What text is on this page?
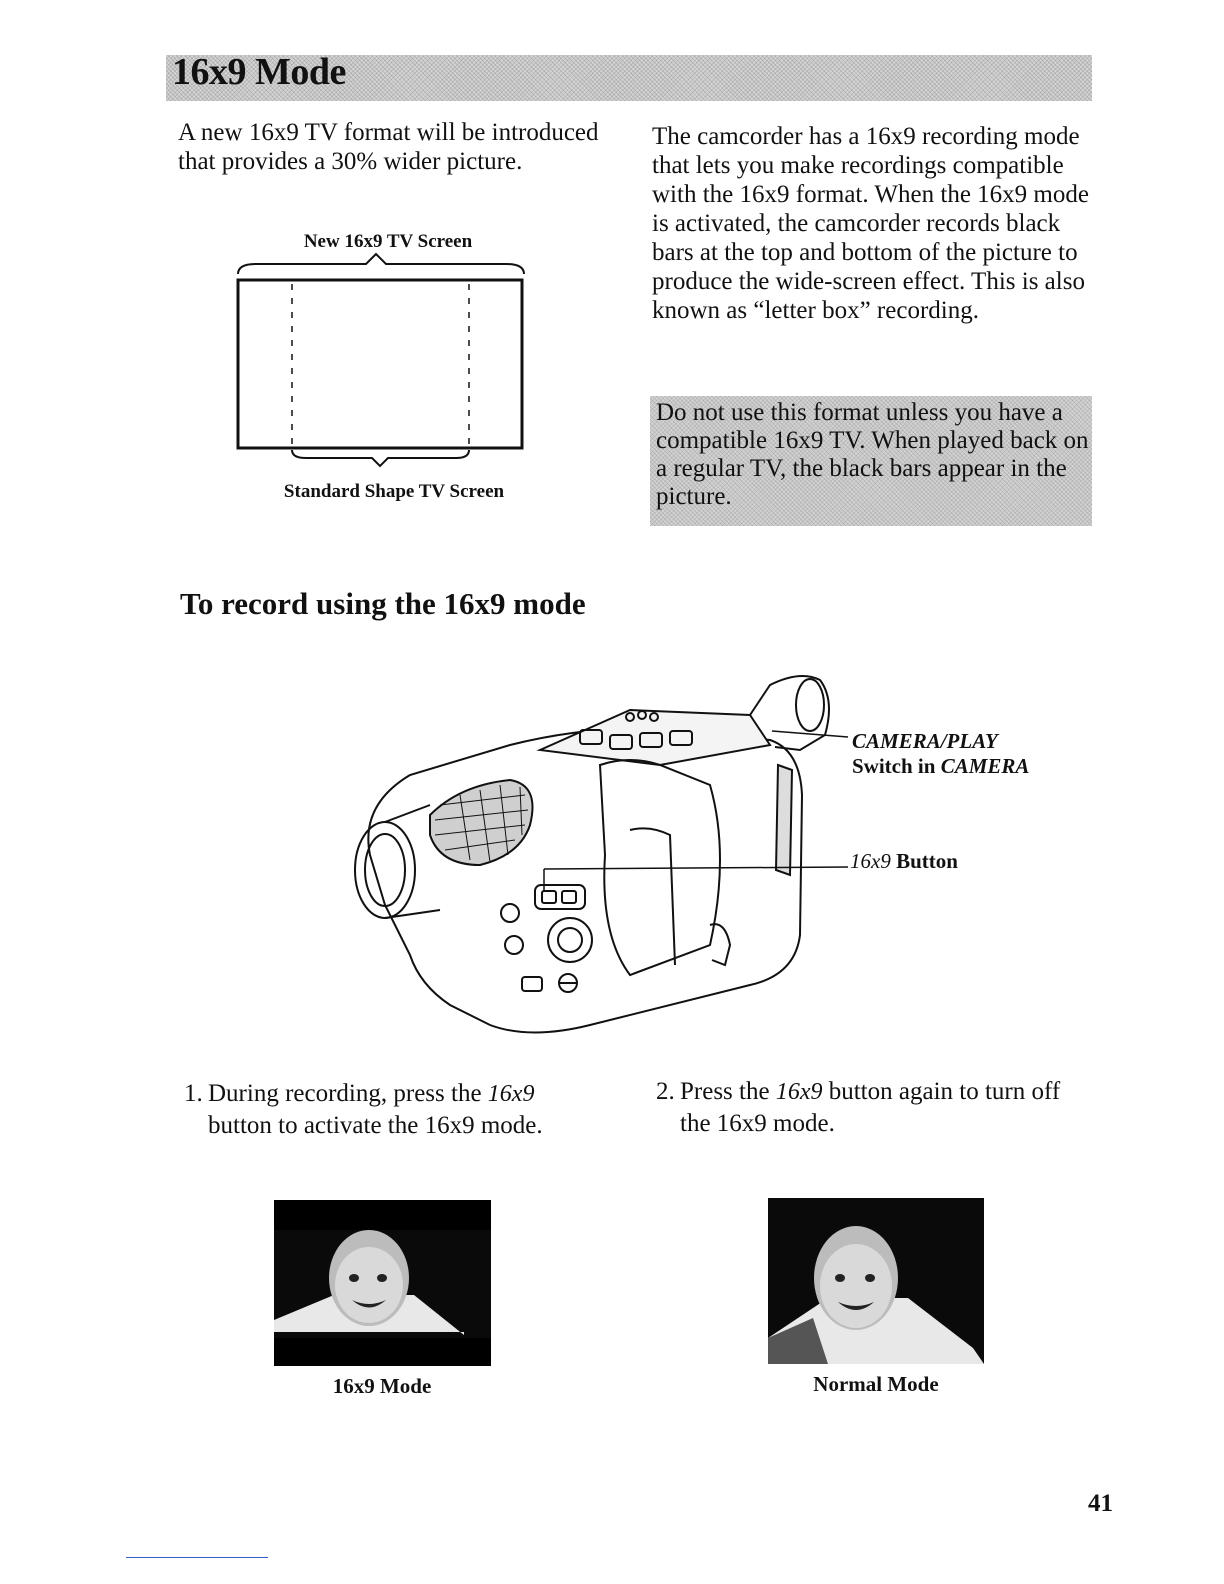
16x9 Mode
A new 16x9 TV format will be introduced that provides a 30% wider picture.
The camcorder has a 16x9 recording mode that lets you make recordings compatible with the 16x9 format. When the 16x9 mode is activated, the camcorder records black bars at the top and bottom of the picture to produce the wide-screen effect. This is also known as “letter box” recording.
New 16x9 TV Screen
Standard Shape TV Screen
Do not use this format unless you have a compatible 16x9 TV. When played back on a regular TV, the black bars appear in the picture.
To record using the 16x9 mode
CAMERA/PLAY
Switch in CAMERA
16x9 Button
1. During recording, press the 16x9
button to activate the 16x9 mode.
2. Press the 16x9 button again to turn off
the 16x9 mode.
16x9 Mode	Normal Mode
41
